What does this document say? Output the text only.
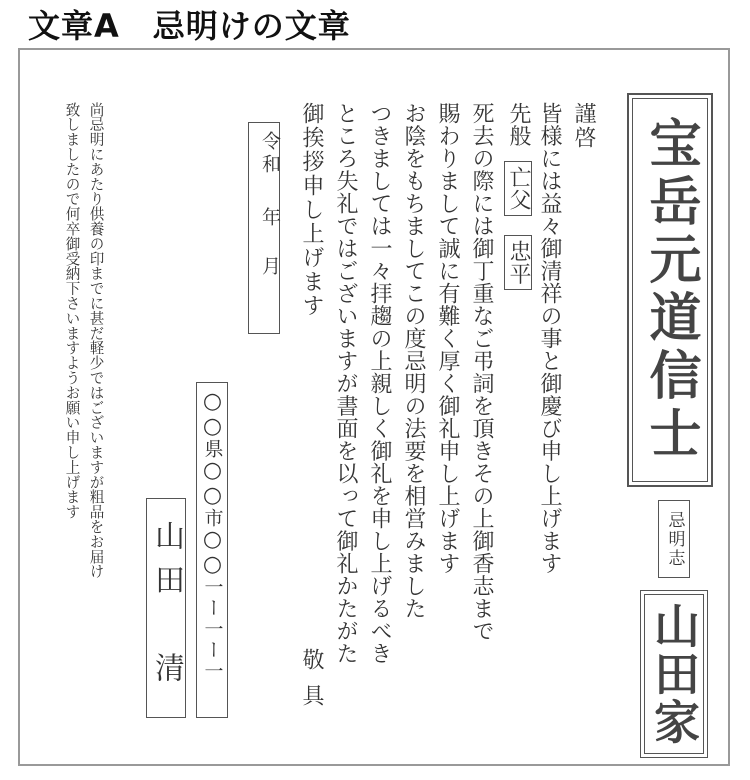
文章A　忌明けの文章
宝岳元道信士
忌明志
山田家
謹啓
皆様には益々御清祥の事と御慶び申し上げます
先般 亡父 忠平
死去の際には御丁重なご弔詞を頂きその上御香志まで
賜わりまして誠に有難く厚く御礼申し上げます
お陰をもちましてこの度忌明の法要を相営みました
つきましては一々拝趨の上親しく御礼を申し上げるべき
ところ失礼ではございますが書面を以って御礼かたがた
御挨拶申し上げます
敬具
令和年月
○○
県
○○
市
○○
一ー一ー一
山田　清
尚忌明にあたり供養の印までに甚だ軽少ではございますが粗品をお届け
致しましたので何卒御受納下さいますようお願い申し上げます
